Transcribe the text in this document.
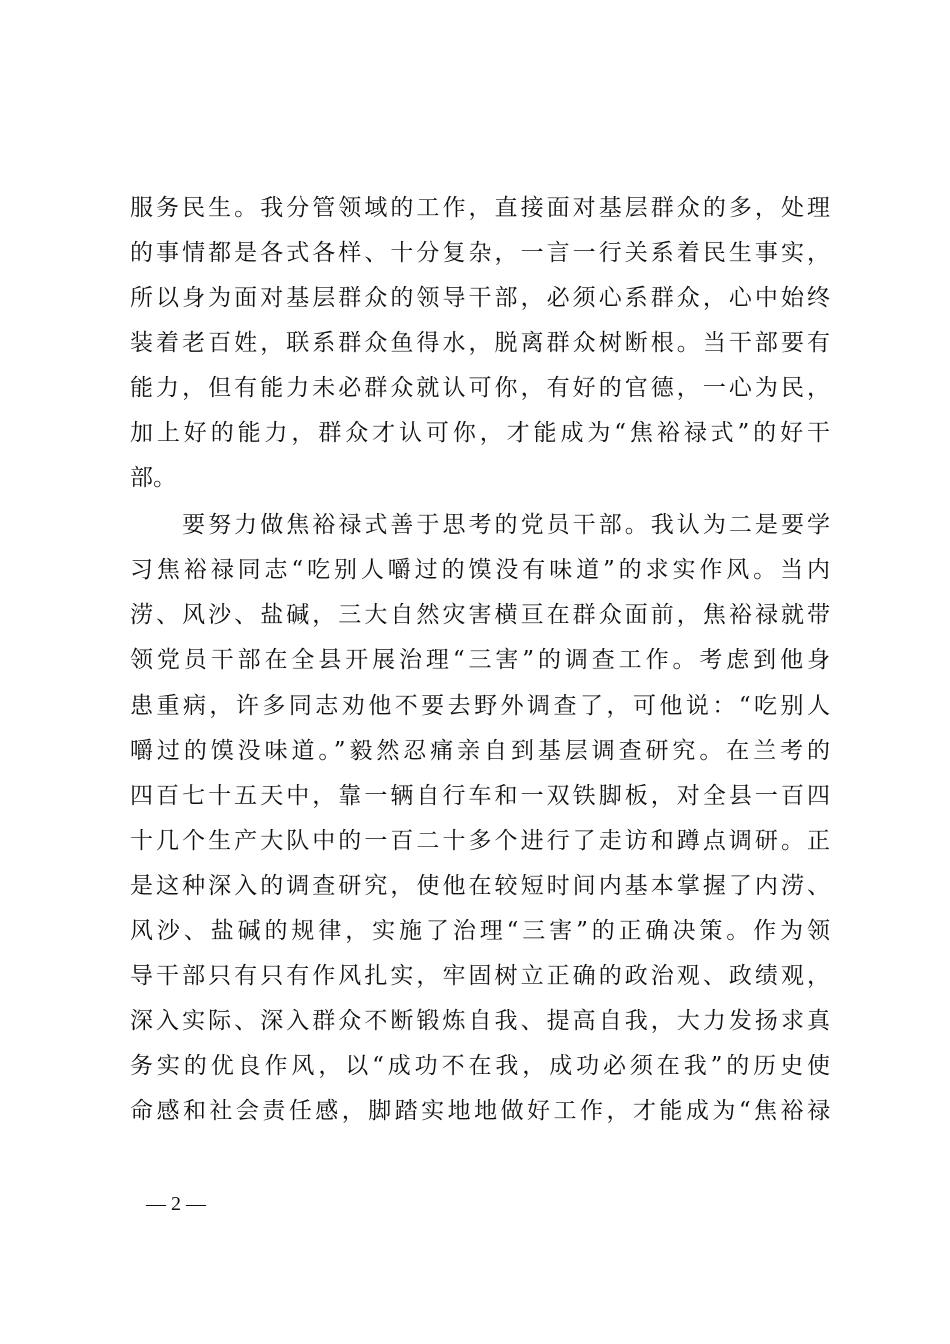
服务民生。我分管领域的工作，直接面对基层群众的多，处理
的事情都是各式各样、十分复杂，一言一行关系着民生事实，
所以身为面对基层群众的领导干部，必须心系群众，心中始终
装着老百姓，联系群众鱼得水，脱离群众树断根。当干部要有
能力，但有能力未必群众就认可你，有好的官德，一心为民，
加上好的能力，群众才认可你，才能成为“焦裕禄式”的好干
部。
　　要努力做焦裕禄式善于思考的党员干部。我认为二是要学
习焦裕禄同志“吃别人嚼过的馍没有味道”的求实作风。当内
涝、风沙、盐碱，三大自然灾害横亘在群众面前，焦裕禄就带
领党员干部在全县开展治理“三害”的调查工作。考虑到他身
患重病，许多同志劝他不要去野外调查了，可他说：“吃别人
嚼过的馍没味道。”毅然忍痛亲自到基层调查研究。在兰考的
四百七十五天中，靠一辆自行车和一双铁脚板，对全县一百四
十几个生产大队中的一百二十多个进行了走访和蹲点调研。正
是这种深入的调查研究，使他在较短时间内基本掌握了内涝、
风沙、盐碱的规律，实施了治理“三害”的正确决策。作为领
导干部只有只有作风扎实，牢固树立正确的政治观、政绩观，
深入实际、深入群众不断锻炼自我、提高自我，大力发扬求真
务实的优良作风，以“成功不在我，成功必须在我”的历史使
命感和社会责任感，脚踏实地地做好工作，才能成为“焦裕禄
— 2 —
